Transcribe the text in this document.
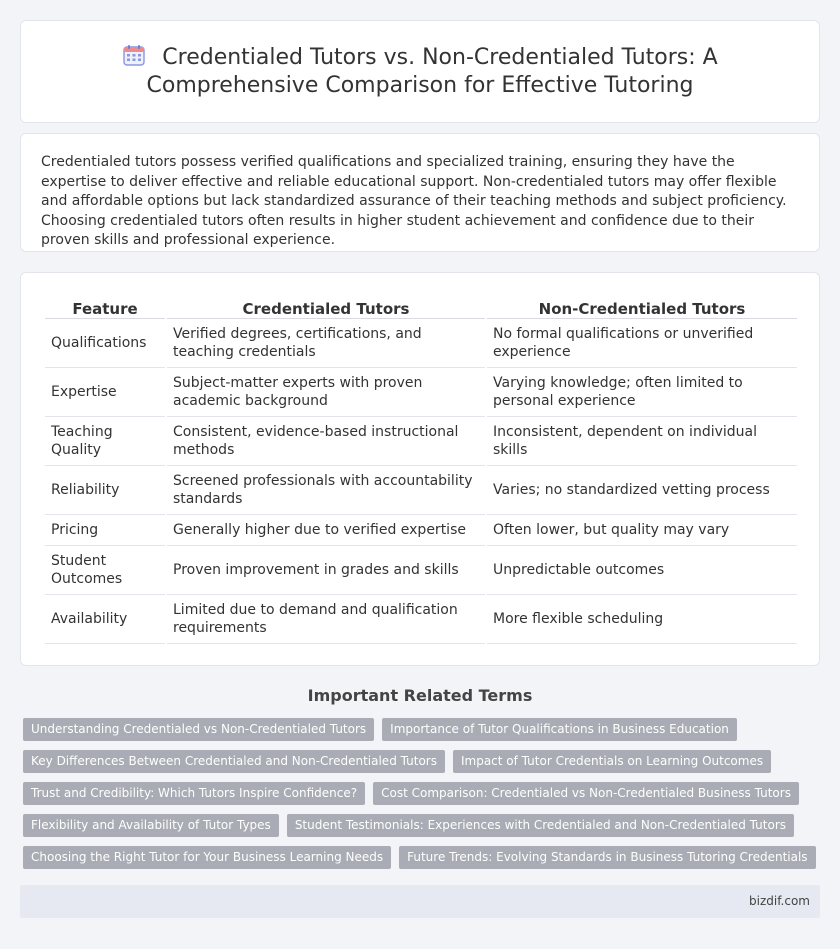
Credentialed Tutors vs. Non-Credentialed Tutors: A Comprehensive Comparison for Effective Tutoring

Credentialed tutors possess verified qualifications and specialized training, ensuring they have the expertise to deliver effective and reliable educational support. Non-credentialed tutors may offer flexible and affordable options but lack standardized assurance of their teaching methods and subject proficiency. Choosing credentialed tutors often results in higher student achievement and confidence due to their proven skills and professional experience.

Feature	Credentialed Tutors	Non-Credentialed Tutors
Qualifications	Verified degrees, certifications, and teaching credentials	No formal qualifications or unverified experience
Expertise	Subject-matter experts with proven academic background	Varying knowledge; often limited to personal experience
Teaching Quality	Consistent, evidence-based instructional methods	Inconsistent, dependent on individual skills
Reliability	Screened professionals with accountability standards	Varies; no standardized vetting process
Pricing	Generally higher due to verified expertise	Often lower, but quality may vary
Student Outcomes	Proven improvement in grades and skills	Unpredictable outcomes
Availability	Limited due to demand and qualification requirements	More flexible scheduling
Important Related Terms
Understanding Credentialed vs Non-Credentialed Tutors	Importance of Tutor Qualifications in Business Education
Key Differences Between Credentialed and Non-Credentialed Tutors	Impact of Tutor Credentials on Learning Outcomes
Trust and Credibility: Which Tutors Inspire Confidence?	Cost Comparison: Credentialed vs Non-Credentialed Business Tutors
Flexibility and Availability of Tutor Types	Student Testimonials: Experiences with Credentialed and Non-Credentialed Tutors
Choosing the Right Tutor for Your Business Learning Needs	Future Trends: Evolving Standards in Business Tutoring Credentials
bizdif.com
